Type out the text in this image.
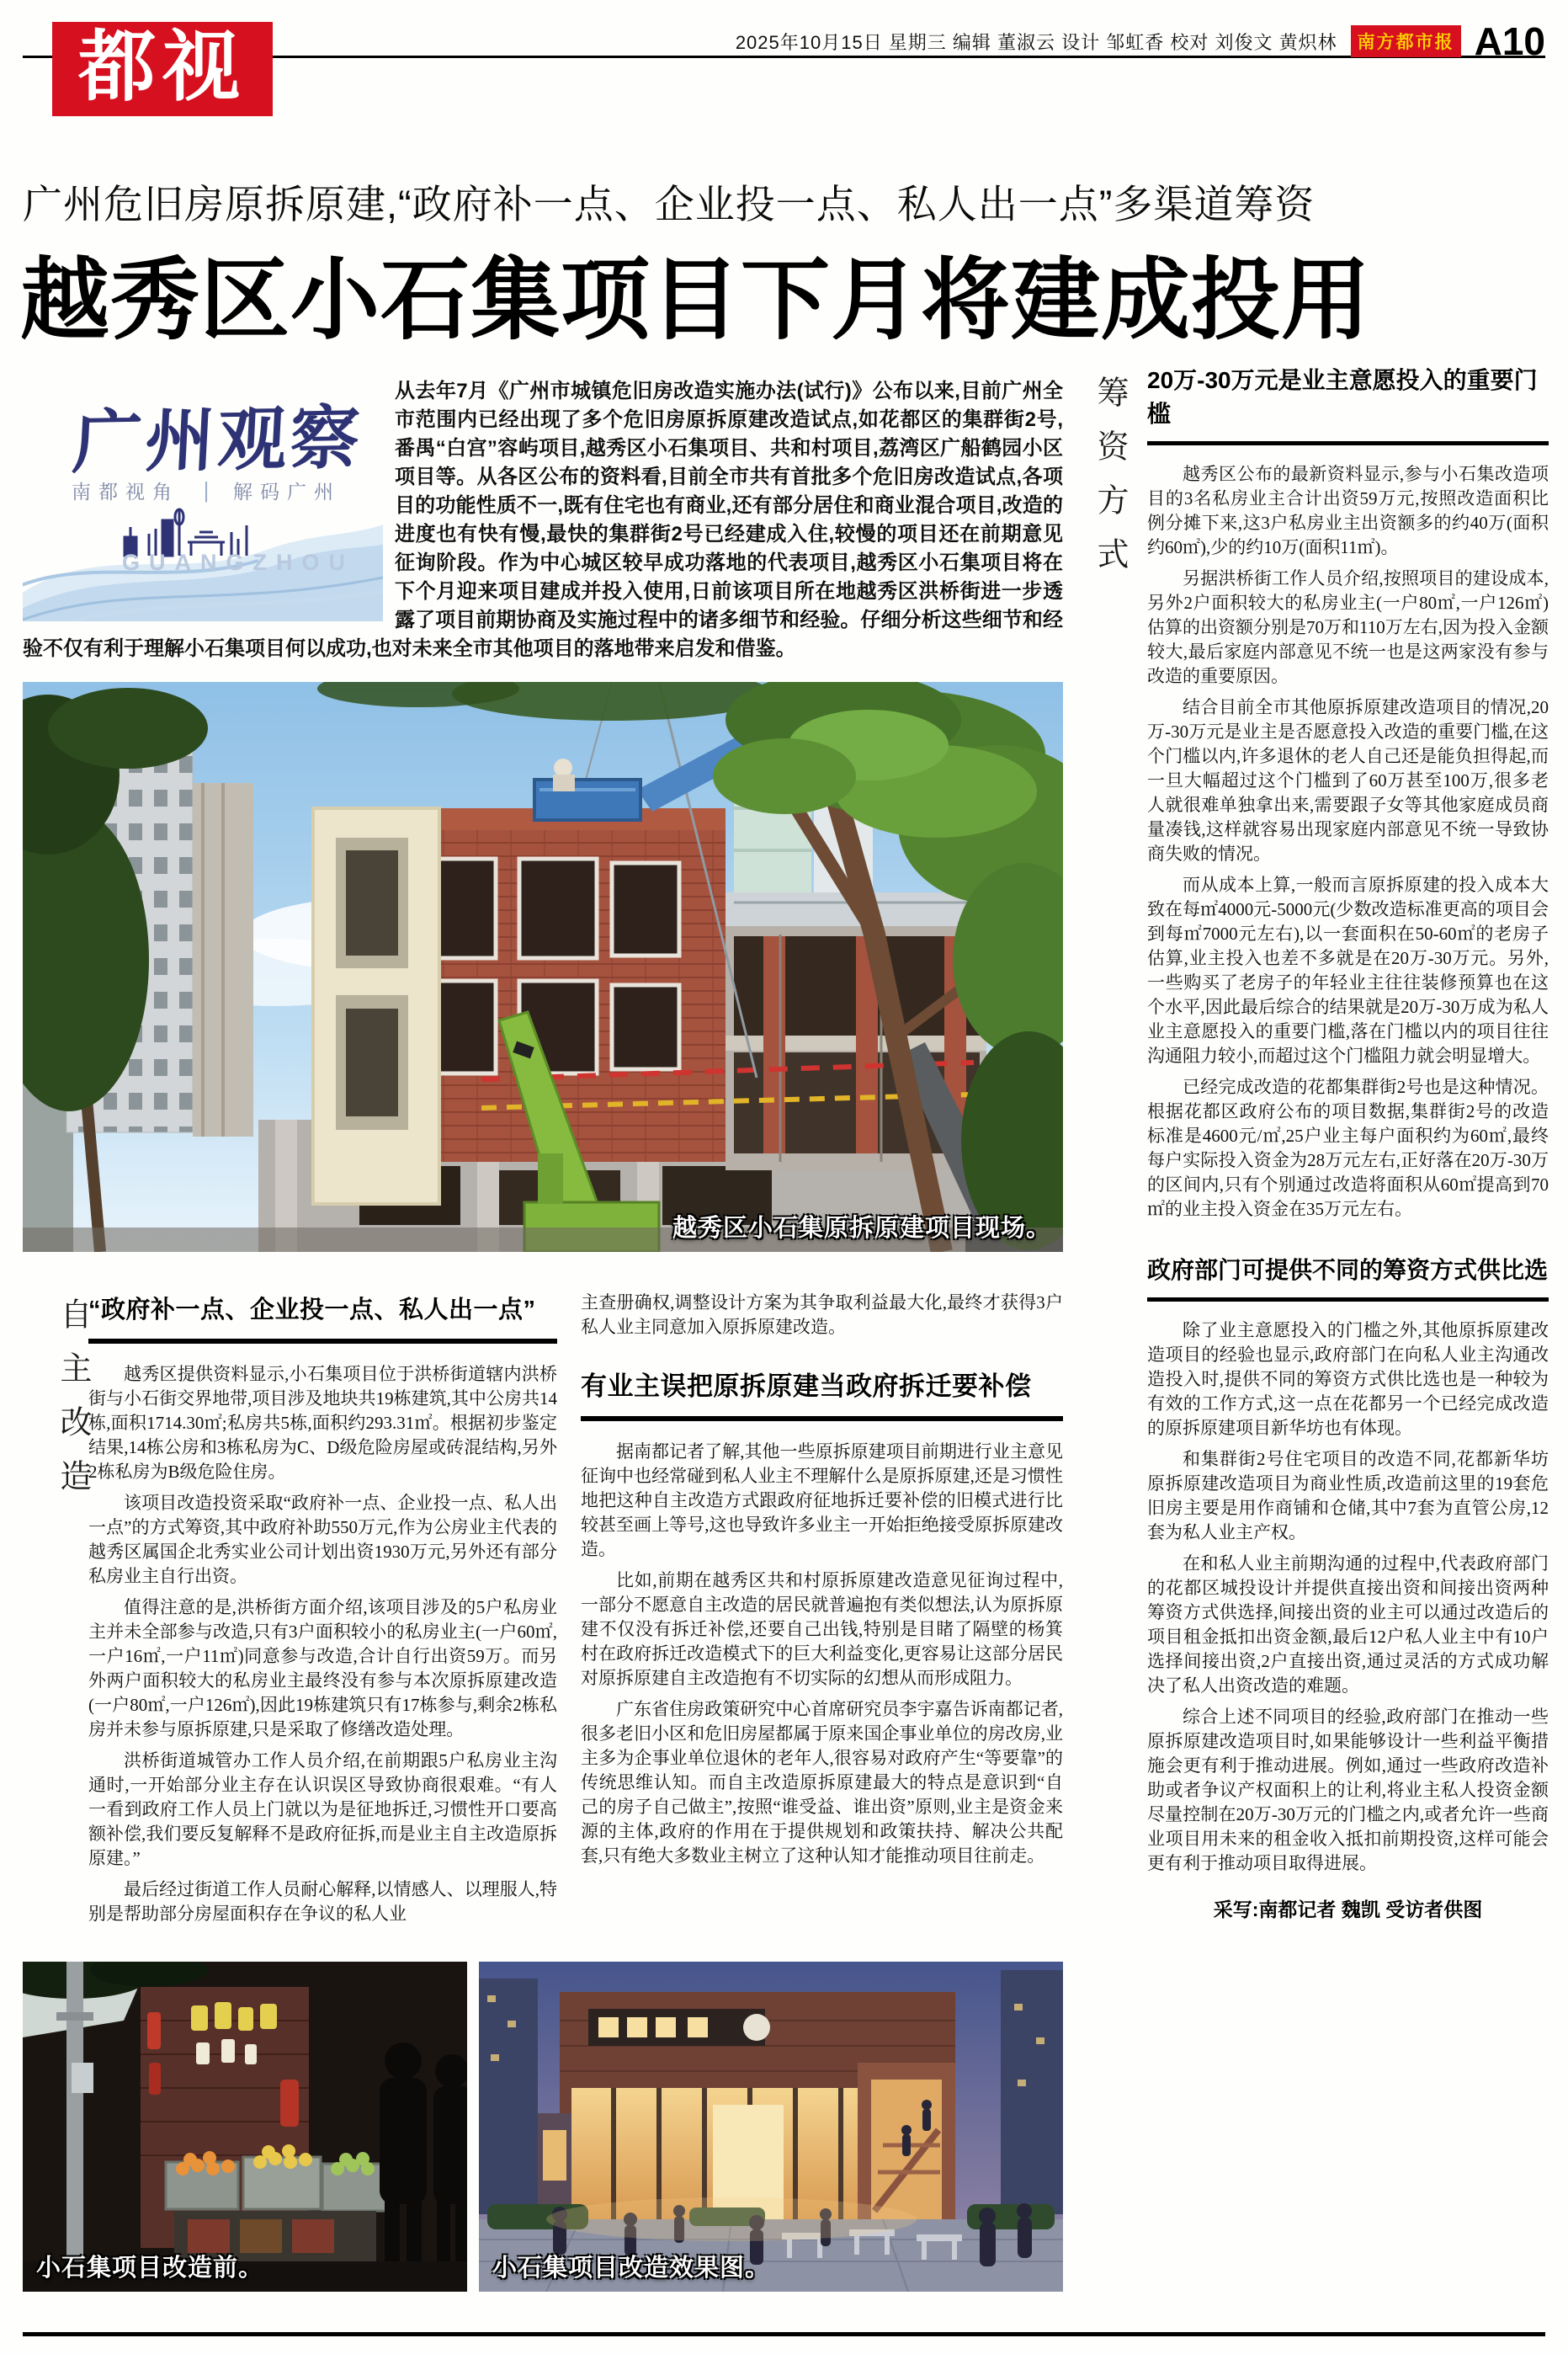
都视	2025年10月15日 星期三 编辑 董淑云 设计 邹虹香 校对 刘俊文 黄炽林	南方都市报 A10
广州危旧房原拆原建,“政府补一点、企业投一点、私人出一点”多渠道筹资
越秀区小石集项目下月将建成投用
广州观察
南都视角 | 解码广州
GUANGZHOU
从去年7月《广州市城镇危旧房改造实施办法(试行)》公布以来,目前广州全市范围内已经出现了多个危旧房原拆原建改造试点,如花都区的集群街2号,番禺“白宫”容屿项目,越秀区小石集项目、共和村项目,荔湾区广船鹤园小区项目等。从各区公布的资料看,目前全市共有首批多个危旧房改造试点,各项目的功能性质不一,既有住宅也有商业,还有部分居住和商业混合项目,改造的进度也有快有慢,最快的集群街2号已经建成入住,较慢的项目还在前期意见征询阶段。作为中心城区较早成功落地的代表项目,越秀区小石集项目将在下个月迎来项目建成并投入使用,日前该项目所在地越秀区洪桥街进一步透露了项目前期协商及实施过程中的诸多细节和经验。仔细分析这些细节和经验不仅有利于理解小石集项目何以成功,也对未来全市其他项目的落地带来启发和借鉴。
越秀区小石集原拆原建项目现场。
自主改造
“政府补一点、企业投一点、私人出一点”

越秀区提供资料显示,小石集项目位于洪桥街道辖内洪桥街与小石街交界地带,项目涉及地块共19栋建筑,其中公房共14栋,面积1714.30㎡;私房共5栋,面积约293.31㎡。根据初步鉴定结果,14栋公房和3栋私房为C、D级危险房屋或砖混结构,另外2栋私房为B级危险住房。

该项目改造投资采取“政府补一点、企业投一点、私人出一点”的方式筹资,其中政府补助550万元,作为公房业主代表的越秀区属国企北秀实业公司计划出资1930万元,另外还有部分私房业主自行出资。

值得注意的是,洪桥街方面介绍,该项目涉及的5户私房业主并未全部参与改造,只有3户面积较小的私房业主(一户60㎡,一户16㎡,一户11㎡)同意参与改造,合计自行出资59万。而另外两户面积较大的私房业主最终没有参与本次原拆原建改造(一户80㎡,一户126㎡),因此19栋建筑只有17栋参与,剩余2栋私房并未参与原拆原建,只是采取了修缮改造处理。

洪桥街道城管办工作人员介绍,在前期跟5户私房业主沟通时,一开始部分业主存在认识误区导致协商很艰难。“有人一看到政府工作人员上门就以为是征地拆迁,习惯性开口要高额补偿,我们要反复解释不是政府征拆,而是业主自主改造原拆原建。”

最后经过街道工作人员耐心解释,以情感人、以理服人,特别是帮助部分房屋面积存在争议的私人业

主查册确权,调整设计方案为其争取利益最大化,最终才获得3户私人业主同意加入原拆原建改造。

有业主误把原拆原建当政府拆迁要补偿

据南都记者了解,其他一些原拆原建项目前期进行业主意见征询中也经常碰到私人业主不理解什么是原拆原建,还是习惯性地把这种自主改造方式跟政府征地拆迁要补偿的旧模式进行比较甚至画上等号,这也导致许多业主一开始拒绝接受原拆原建改造。

比如,前期在越秀区共和村原拆原建改造意见征询过程中,一部分不愿意自主改造的居民就普遍抱有类似想法,认为原拆原建不仅没有拆迁补偿,还要自己出钱,特别是目睹了隔壁的杨箕村在政府拆迁改造模式下的巨大利益变化,更容易让这部分居民对原拆原建自主改造抱有不切实际的幻想从而形成阻力。

广东省住房政策研究中心首席研究员李宇嘉告诉南都记者,很多老旧小区和危旧房屋都属于原来国企事业单位的房改房,业主多为企事业单位退休的老年人,很容易对政府产生“等要靠”的传统思维认知。而自主改造原拆原建最大的特点是意识到“自己的房子自己做主”,按照“谁受益、谁出资”原则,业主是资金来源的主体,政府的作用在于提供规划和政策扶持、解决公共配套,只有绝大多数业主树立了这种认知才能推动项目往前走。

小石集项目改造前。	小石集项目改造效果图。
筹资方式 20万-30万元是业主意愿投入的重要门槛

越秀区公布的最新资料显示,参与小石集改造项目的3名私房业主合计出资59万元,按照改造面积比例分摊下来,这3户私房业主出资额多的约40万(面积约60㎡),少的约10万(面积11㎡)。

另据洪桥街工作人员介绍,按照项目的建设成本,另外2户面积较大的私房业主(一户80㎡,一户126㎡)估算的出资额分别是70万和110万左右,因为投入金额较大,最后家庭内部意见不统一也是这两家没有参与改造的重要原因。

结合目前全市其他原拆原建改造项目的情况,20万-30万元是业主是否愿意投入改造的重要门槛,在这个门槛以内,许多退休的老人自己还是能负担得起,而一旦大幅超过这个门槛到了60万甚至100万,很多老人就很难单独拿出来,需要跟子女等其他家庭成员商量凑钱,这样就容易出现家庭内部意见不统一导致协商失败的情况。

而从成本上算,一般而言原拆原建的投入成本大致在每㎡4000元-5000元(少数改造标准更高的项目会到每㎡7000元左右),以一套面积在50-60㎡的老房子估算,业主投入也差不多就是在20万-30万元。另外,一些购买了老房子的年轻业主往往装修预算也在这个水平,因此最后综合的结果就是20万-30万成为私人业主意愿投入的重要门槛,落在门槛以内的项目往往沟通阻力较小,而超过这个门槛阻力就会明显增大。

已经完成改造的花都集群街2号也是这种情况。根据花都区政府公布的项目数据,集群街2号的改造标准是4600元/㎡,25户业主每户面积约为60㎡,最终每户实际投入资金为28万元左右,正好落在20万-30万的区间内,只有个别通过改造将面积从60㎡提高到70㎡的业主投入资金在35万元左右。

政府部门可提供不同的筹资方式供比选

除了业主意愿投入的门槛之外,其他原拆原建改造项目的经验也显示,政府部门在向私人业主沟通改造投入时,提供不同的筹资方式供比选也是一种较为有效的工作方式,这一点在花都另一个已经完成改造的原拆原建项目新华坊也有体现。

和集群街2号住宅项目的改造不同,花都新华坊原拆原建改造项目为商业性质,改造前这里的19套危旧房主要是用作商铺和仓储,其中7套为直管公房,12套为私人业主产权。

在和私人业主前期沟通的过程中,代表政府部门的花都区城投设计并提供直接出资和间接出资两种筹资方式供选择,间接出资的业主可以通过改造后的项目租金抵扣出资金额,最后12户私人业主中有10户选择间接出资,2户直接出资,通过灵活的方式成功解决了私人出资改造的难题。

综合上述不同项目的经验,政府部门在推动一些原拆原建改造项目时,如果能够设计一些利益平衡措施会更有利于推动进展。例如,通过一些政府改造补助或者争议产权面积上的让利,将业主私人投资金额尽量控制在20万-30万元的门槛之内,或者允许一些商业项目用未来的租金收入抵扣前期投资,这样可能会更有利于推动项目取得进展。

采写:南都记者 魏凯 受访者供图
